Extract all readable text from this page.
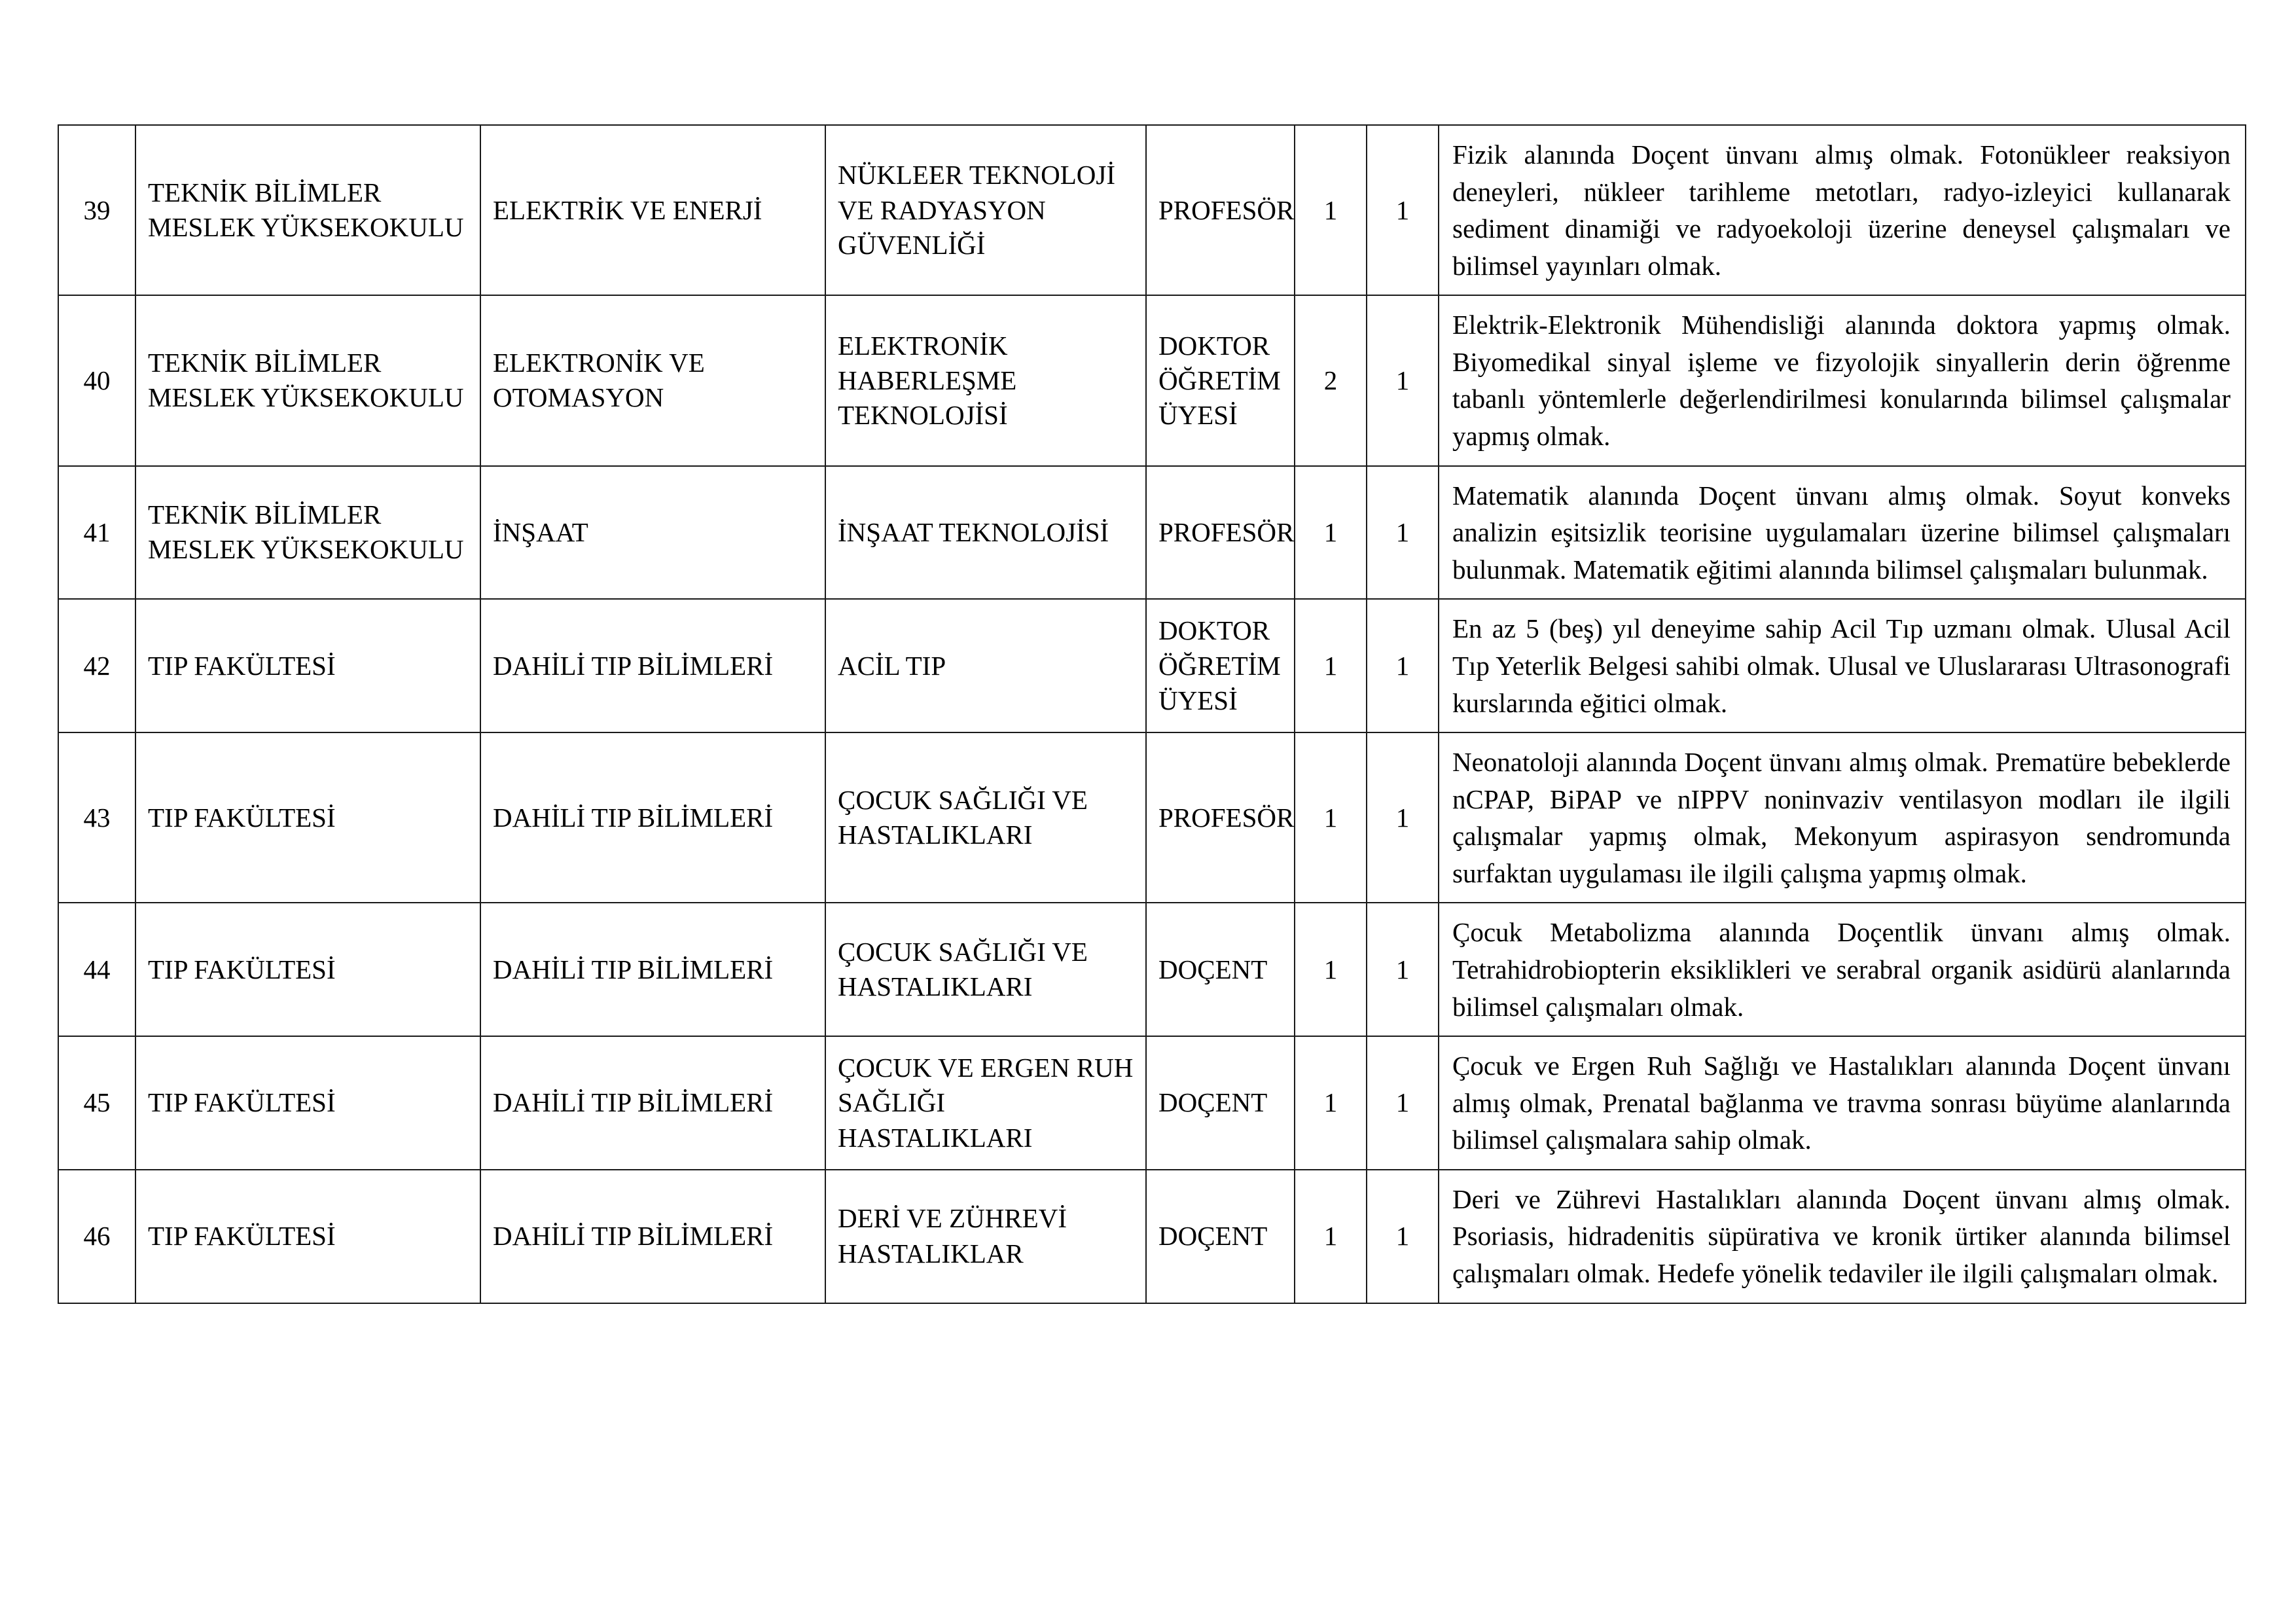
39	TEKNİK BİLİMLER MESLEK YÜKSEKOKULU	ELEKTRİK VE ENERJİ	NÜKLEER TEKNOLOJİ VE RADYASYON GÜVENLİĞİ	PROFESÖR	1	1	Fizik alanında Doçent ünvanı almış olmak. Fotonükleer reaksiyon deneyleri, nükleer tarihleme metotları, radyo-izleyici kullanarak sediment dinamiği ve radyoekoloji üzerine deneysel çalışmaları ve bilimsel yayınları olmak.

40	TEKNİK BİLİMLER MESLEK YÜKSEKOKULU	ELEKTRONİK VE OTOMASYON	ELEKTRONİK HABERLEŞME TEKNOLOJİSİ	DOKTOR ÖĞRETİM ÜYESİ	2	1	Elektrik-Elektronik Mühendisliği alanında doktora yapmış olmak. Biyomedikal sinyal işleme ve fizyolojik sinyallerin derin öğrenme tabanlı yöntemlerle değerlendirilmesi konularında bilimsel çalışmalar yapmış olmak.

41	TEKNİK BİLİMLER MESLEK YÜKSEKOKULU	İNŞAAT	İNŞAAT TEKNOLOJİSİ	PROFESÖR	1	1	Matematik alanında Doçent ünvanı almış olmak. Soyut konveks analizin eşitsizlik teorisine uygulamaları üzerine bilimsel çalışmaları bulunmak. Matematik eğitimi alanında bilimsel çalışmaları bulunmak.

42	TIP FAKÜLTESİ	DAHİLİ TIP BİLİMLERİ	ACİL TIP	DOKTOR ÖĞRETİM ÜYESİ	1	1	En az 5 (beş) yıl deneyime sahip Acil Tıp uzmanı olmak. Ulusal Acil Tıp Yeterlik Belgesi sahibi olmak. Ulusal ve Uluslararası Ultrasonografi kurslarında eğitici olmak.

43	TIP FAKÜLTESİ	DAHİLİ TIP BİLİMLERİ	ÇOCUK SAĞLIĞI VE HASTALIKLARI	PROFESÖR	1	1	Neonatoloji alanında Doçent ünvanı almış olmak. Prematüre bebeklerde nCPAP, BiPAP ve nIPPV noninvaziv ventilasyon modları ile ilgili çalışmalar yapmış olmak, Mekonyum aspirasyon sendromunda surfaktan uygulaması ile ilgili çalışma yapmış olmak.

44	TIP FAKÜLTESİ	DAHİLİ TIP BİLİMLERİ	ÇOCUK SAĞLIĞI VE HASTALIKLARI	DOÇENT	1	1	Çocuk Metabolizma alanında Doçentlik ünvanı almış olmak. Tetrahidrobiopterin eksiklikleri ve serabral organik asidürü alanlarında bilimsel çalışmaları olmak.

45	TIP FAKÜLTESİ	DAHİLİ TIP BİLİMLERİ	ÇOCUK VE ERGEN RUH SAĞLIĞI HASTALIKLARI	DOÇENT	1	1	Çocuk ve Ergen Ruh Sağlığı ve Hastalıkları alanında Doçent ünvanı almış olmak, Prenatal bağlanma ve travma sonrası büyüme alanlarında bilimsel çalışmalara sahip olmak.

46	TIP FAKÜLTESİ	DAHİLİ TIP BİLİMLERİ	DERİ VE ZÜHREVİ HASTALIKLAR	DOÇENT	1	1	Deri ve Zührevi Hastalıkları alanında Doçent ünvanı almış olmak. Psoriasis, hidradenitis süpürativa ve kronik ürtiker alanında bilimsel çalışmaları olmak. Hedefe yönelik tedaviler ile ilgili çalışmaları olmak.
